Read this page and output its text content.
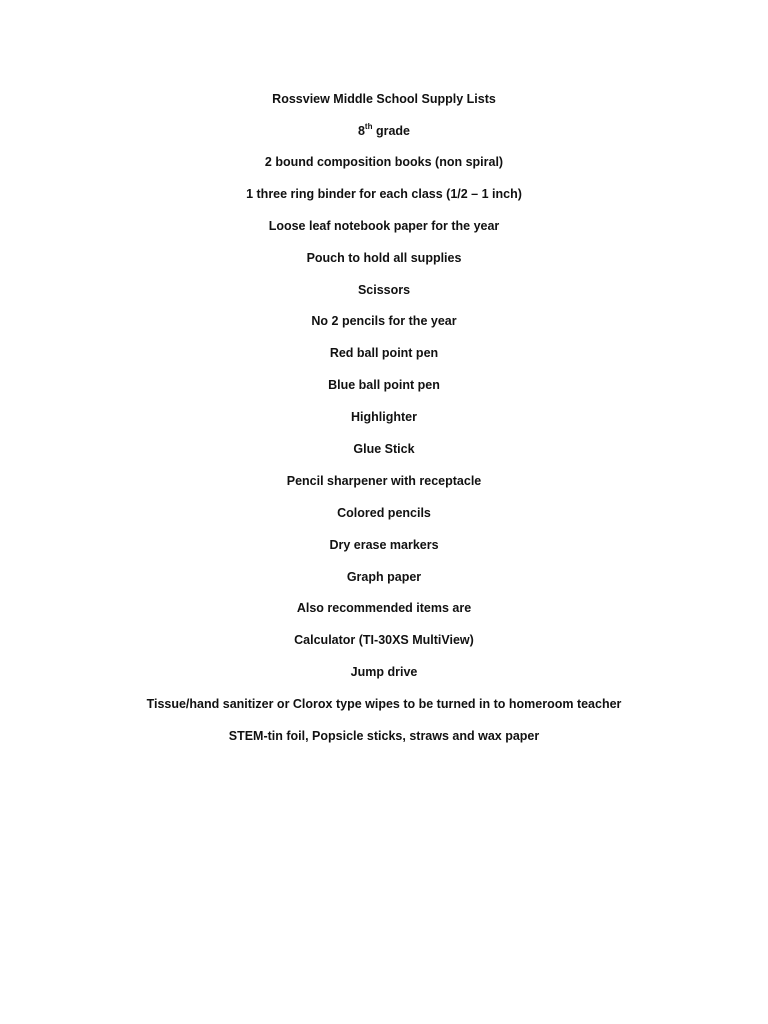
Rossview Middle School Supply Lists
8th grade
2 bound composition books (non spiral)
1 three ring binder for each class (1/2 – 1 inch)
Loose leaf notebook paper for the year
Pouch to hold all supplies
Scissors
No 2 pencils for the year
Red ball point pen
Blue ball point pen
Highlighter
Glue Stick
Pencil sharpener with receptacle
Colored pencils
Dry erase markers
Graph paper
Also recommended items are
Calculator (TI-30XS MultiView)
Jump drive
Tissue/hand sanitizer or Clorox type wipes to be turned in to homeroom teacher
STEM-tin foil, Popsicle sticks, straws and wax paper
